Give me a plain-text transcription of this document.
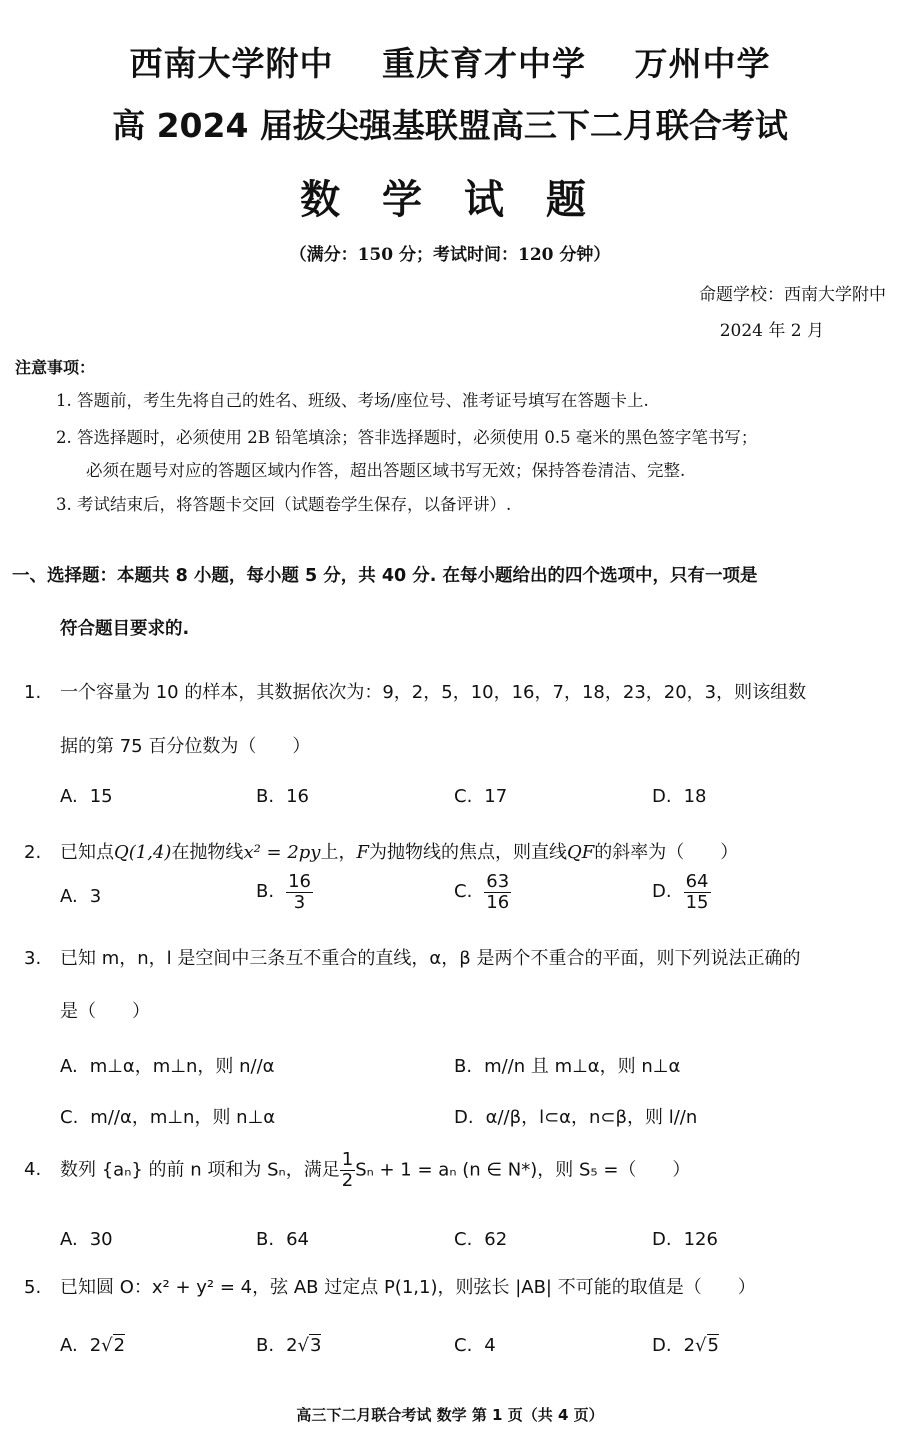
西南大学附中 重庆育才中学 万州中学
高 2024 届拔尖强基联盟高三下二月联合考试
数 学 试 题
（满分：150 分；考试时间：120 分钟）
命题学校：西南大学附中
2024 年 2 月
注意事项：
1. 答题前，考生先将自己的姓名、班级、考场/座位号、准考证号填写在答题卡上.
2. 答选择题时，必须使用 2B 铅笔填涂；答非选择题时，必须使用 0.5 毫米的黑色签字笔书写；
必须在题号对应的答题区域内作答，超出答题区域书写无效；保持答卷清洁、完整.
3. 考试结束后，将答题卡交回（试题卷学生保存，以备评讲）.
一、选择题：本题共 8 小题，每小题 5 分，共 40 分. 在每小题给出的四个选项中，只有一项是
符合题目要求的.
1. 一个容量为 10 的样本，其数据依次为：9，2，5，10，16，7，18，23，20，3，则该组数
据的第 75 百分位数为（　　）
A. 15	B. 16	C. 17	D. 18
2. 已知点Q(1,4)在抛物线x² = 2py上，F为抛物线的焦点，则直线QF的斜率为（　　）
A. 3	B. $\frac{16}{3}$	C. $\frac{63}{16}$	D. $\frac{64}{15}$
3. 已知 m，n，l 是空间中三条互不重合的直线，α，β 是两个不重合的平面，则下列说法正确的
是（　　）
A. m⊥α，m⊥n，则 n//α	B. m//n 且 m⊥α，则 n⊥α
C. m//α，m⊥n，则 n⊥α	D. α//β，l⊂α，n⊂β，则 l//n
4. 数列 {aₙ} 的前 n 项和为 Sₙ，满足 $\frac{1}{2}$ Sₙ + 1 = aₙ (n ∈ N*)，则 S₅ =（　　）
A. 30	B. 64	C. 62	D. 126
5. 已知圆 O：x² + y² = 4，弦 AB 过定点 P(1,1)，则弦长 |AB| 不可能的取值是（　　）
A. 2√2	B. 2√3	C. 4	D. 2√5
高三下二月联合考试 数学 第 1 页（共 4 页）
